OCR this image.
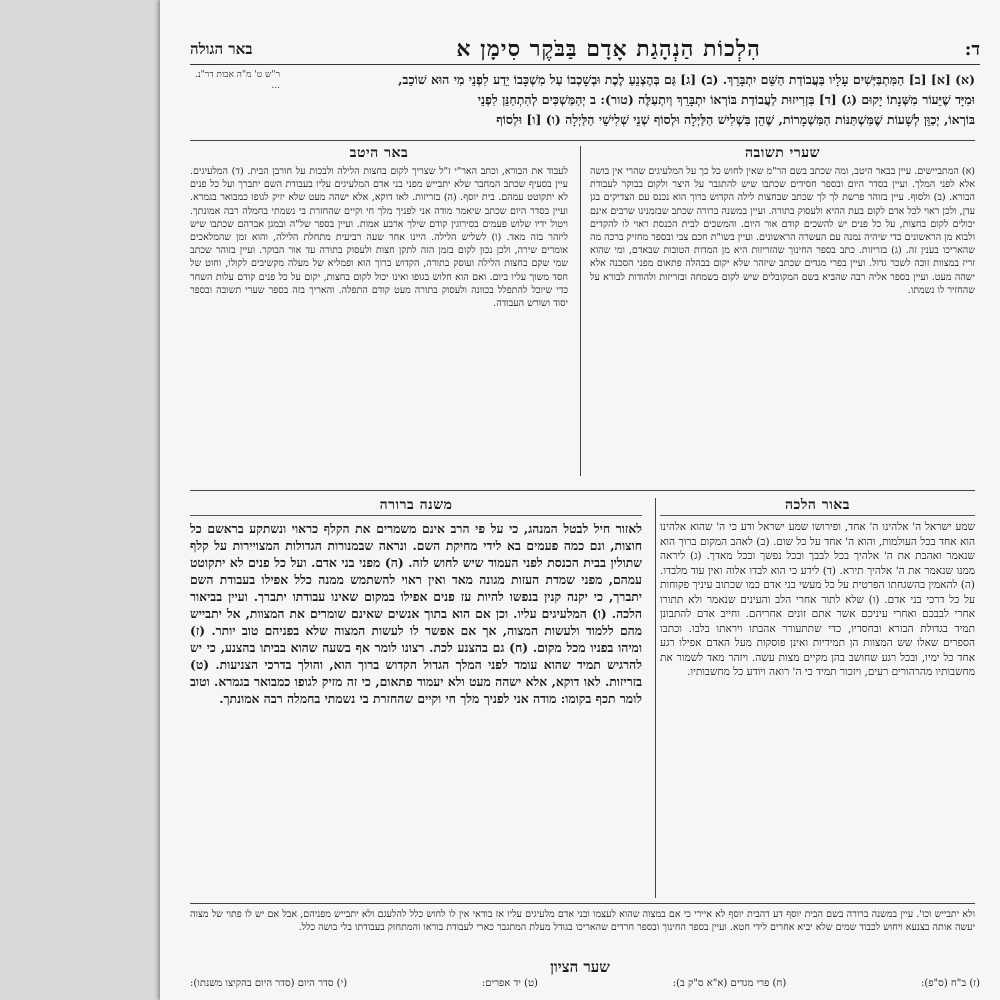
ד:
הִלְכוֹת הַנְהָגַת אָדָם בַּבֹּקֶר סִימָן א
באר הגולה
ר"ש ט' מ"ה אבות דר"נ. ...	(א) [א] [ב] הַמִּתְבַּיְּשִׁים עָלָיו בַּעֲבוֹדַת הַשֵּׁם יִתְבָּרֵךְ. (ב) [ג] גַּם בְּהֶצְנֵעַ לֶכֶת וּבְשָׁכְבוֹ עַל מִשְׁכָּבוֹ יֵדַע לִפְנֵי מִי הוּא שׁוֹכֵב,

וּמִיָּד שֶׁיֵּעוֹר מִשְּׁנָתוֹ יָקוּם (ג) [ד] בִּזְרִיזוּת לַעֲבוֹדַת בּוֹרְאוֹ יִתְבָּרֵךְ וְיִתְעַלֶּה (טור): ב יְהַמַּשְׁכִּים לְהִתְחַנֵּן לִפְנֵי

בּוֹרְאוֹ, יְכַוֵּן לְשָׁעוֹת שֶׁמִּשְׁתַּנּוֹת הַמִּשְׁמָרוֹת, שֶׁהֵן בִּשְׁלִישׁ הַלַּיְלָה וּלְסוֹף שְׁנֵי שְׁלִישֵׁי הַלַּיְלָה (ו) [ו] וּלְסוֹף

שערי תשובה

(א) המתביישים. עיין בבאר היטב, ומה שכתב בשם הר"מ שאין לחוש כל כך על המלעיגים שהרי אין בושה אלא לפני המלך. ועיין בסדר היום ובספר חסידים שכתבו שיש להתגבר על היצר ולקום בבוקר לעבודת הבורא. (ב) ולסוף. עיין בזוהר פרשת לך לך שכתב שבחצות לילה הקדוש ברוך הוא נכנס עם הצדיקים בגן עדן, ולכן ראוי לכל אדם לקום בעת ההיא ולעסוק בתורה. ועיין במשנה ברורה שכתב שבזמנינו שרבים אינם יכולים לקום בחצות, על כל פנים יש להשכים קודם אור היום. והמשכים לבית הכנסת ראוי לו להקדים ולבוא מן הראשונים כדי שיהיה נמנה עם העשרה הראשונים. ועיין בשו"ת חכם צבי ובספר מחזיק ברכה מה שהאריכו בענין זה. (ג) בזריזות. כתב בספר החינוך שהזריזות היא מן המדות הטובות שבאדם, ומי שהוא זריז במצוות זוכה לשכר גדול. ועיין בפרי מגדים שכתב שיזהר שלא יקום בבהלה פתאום מפני הסכנה אלא ישהה מעט. ועיין בספר אליה רבה שהביא בשם המקובלים שיש לקום בשמחה ובזריזות ולהודות לבורא על שהחזיר לו נשמתו.

באר היטב

לעבוד את הבורא, וכתב האר"י ז"ל שצריך לקום בחצות הלילה ולבכות על חורבן הבית. (ד) המלעיגים. עיין בסעיף שכתב המחבר שלא יתבייש מפני בני אדם המלעיגים עליו בעבודת השם יתברך ועל כל פנים לא יתקוטט עמהם. בית יוסף. (ה) בזריזות. לאו דוקא, אלא ישהה מעט שלא יזיק לגופו כמבואר בגמרא. ועיין בסדר היום שכתב שיאמר מודה אני לפניך מלך חי וקיים שהחזרת בי נשמתי בחמלה רבה אמונתך. ויטול ידיו שלוש פעמים בסירוגין קודם שילך ארבע אמות. ועיין בספר של"ה ובמגן אברהם שכתבו שיש ליזהר בזה מאד. (ו) לשליש הלילה. היינו אחר שעה רביעית מתחלת הלילה, והוא זמן שהמלאכים אומרים שירה, ולכן נכון לקום בזמן הזה לתקן חצות ולעסוק בתורה עד אור הבוקר. ועיין בזוהר שכתב שמי שקם בחצות הלילה ועוסק בתורה, הקדוש ברוך הוא ופמליא של מעלה מקשיבים לקולו, וחוט של חסד משוך עליו ביום. ואם הוא חלוש בגופו ואינו יכול לקום בחצות, יקום על כל פנים קודם עלות השחר כדי שיוכל להתפלל בכוונה ולעסוק בתורה מעט קודם התפלה. והאריך בזה בספר שערי תשובה ובספר יסוד ושורש העבודה.

באור הלכה

שמע ישראל ה' אלהינו ה' אחד, ופירושו שמע ישראל ודע כי ה' שהוא אלהינו הוא אחד בכל העולמות, והוא ה' אחד על כל שום. (ב) לאהב המקום ברוך הוא שנאמר ואהבת את ה' אלהיך בכל לבבך ובכל נפשך ובכל מאדך. (ג) ליראה ממנו שנאמר את ה' אלהיך תירא. (ד) לידע כי הוא לבדו אלוה ואין עוד מלבדו. (ה) להאמין בהשגחתו הפרטית על כל מעשי בני אדם כמו שכתוב עיניך פקוחות על כל דרכי בני אדם. (ו) שלא לתור אחרי הלב והעינים שנאמר ולא תתורו אחרי לבבכם ואחרי עיניכם אשר אתם זונים אחריהם. וחייב אדם להתבונן תמיד בגדולת הבורא ובחסדיו, כדי שתתעורר אהבתו ויראתו בלבו. וכתבו הספרים שאלו שש המצוות הן תמידיות ואינן פוסקות מעל האדם אפילו רגע אחד כל ימיו, ובכל רגע שחושב בהן מקיים מצות עשה. ויזהר מאד לשמור את מחשבותיו מהרהורים רעים, ויזכור תמיד כי ה' רואה ויודע כל מחשבותיו.

משנה ברורה

לאזור חיל לבטל המנהג, כי על פי הרב אינם משמרים את הקלף כראוי ונשתקע בראשם כל חוצות, ונם כמה פעמים בא לידי מחיקת השם. ונראה שבמנורות הגדולות המצויירות על קלף שתולין בבית הכנסת לפני העמוד שיש לחוש לזה. (ה) מפני בני אדם. ועל כל פנים לא יתקוטט עמהם, מפני שמדת העזות מגונה מאד ואין ראוי להשתמש ממנה כלל אפילו בעבודת השם יתברך, כי יקנה קנין בנפשו להיות עז פנים אפילו במקום שאינו עבודתו יתברך. ועיין בביאור הלכה. (ו) המלעיגים עליו. וכן אם הוא בתוך אנשים שאינם שומרים את המצוות, אל יתבייש מהם ללמוד ולעשות המצוה, אך אם אפשר לו לעשות המצוה שלא בפניהם טוב יותר. (ז) ומיהו בפניו מכל מקום. (ח) גם בהצנע לכת. רצונו לומר אף בשעה שהוא בביתו בהצנע, כי יש להרגיש תמיד שהוא עומד לפני המלך הגדול הקדוש ברוך הוא, והולך בדרכי הצניעות. (ט) בזריזות. לאו דוקא, אלא ישהה מעט ולא יעמוד פתאום, כי זה מזיק לגופו כמבואר בגמרא. וטוב לומר תכף בקומו: מודה אני לפניך מלך חי וקיים שהחזרת בי נשמתי בחמלה רבה אמונתך.

ולא יתבייש וכו'. עיין במשנה ברורה בשם הבית יוסף דע דהבית יוסף לא איירי כי אם במצוה שהוא לעצמו ובני אדם מלעיגים עליו אז בודאי אין לו לחוש כלל להלעגם ולא יתבייש מפניהם, אבל אם יש לו פתוי של מצוה יעשה אותה בצנעא ויחוש לכבוד שמים שלא יביא אחרים לידי חטא. ועיין בספר החינוך ובספר חרדים שהאריכו בגודל מעלת המתגבר כארי לעבודת בוראו והמתחזק בעבודתו בלי בושה כלל.

שער הציון
(ז) ב"ח (ס"פ):
(ח) פרי מגדים (א"א ס"ק ב):
(ט) יד אפרים:
(י) סדר היום (סדר היום בהקיצו משנתו):
